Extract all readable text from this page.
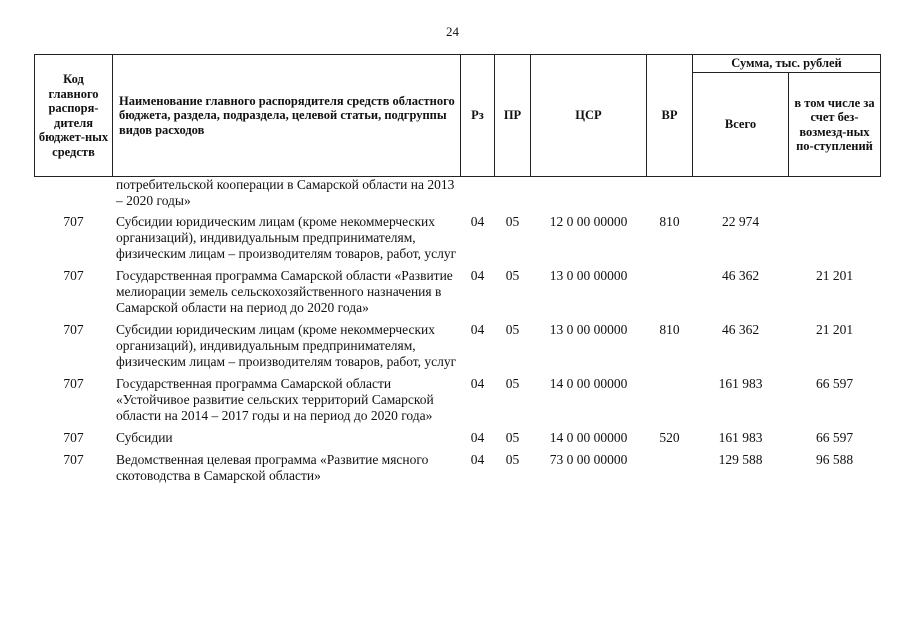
24
Код главного распоря-дителя бюджет-ных средств	Наименование главного распорядителя средств областного бюджета, раздела, подраздела, целевой статьи, подгруппы видов расходов	Рз	ПР	ЦСР	ВР	Сумма, тыс. рублей	
						Всего	в том числе за счет без-возмезд-ных по-ступлений
	потребительской кооперации в Самарской области на 2013 – 2020 годы»						
707	Субсидии юридическим лицам (кроме некоммерческих организаций), индивидуальным предпринимателям, физическим лицам – производителям товаров, работ, услуг	04	05	12 0 00 00000	810	22 974	
707	Государственная программа Самарской области «Развитие мелиорации земель сельскохозяйственного назначения в Самарской области на период до 2020 года»	04	05	13 0 00 00000		46 362	21 201
707	Субсидии юридическим лицам (кроме некоммерческих организаций), индивидуальным предпринимателям, физическим лицам – производителям товаров, работ, услуг	04	05	13 0 00 00000	810	46 362	21 201
707	Государственная программа Самарской области «Устойчивое развитие сельских территорий Самарской области на 2014 – 2017 годы и на период до 2020 года»	04	05	14 0 00 00000		161 983	66 597
707	Субсидии	04	05	14 0 00 00000	520	161 983	66 597
707	Ведомственная целевая программа «Развитие мясного скотоводства в Самарской области»	04	05	73 0 00 00000		129 588	96 588
